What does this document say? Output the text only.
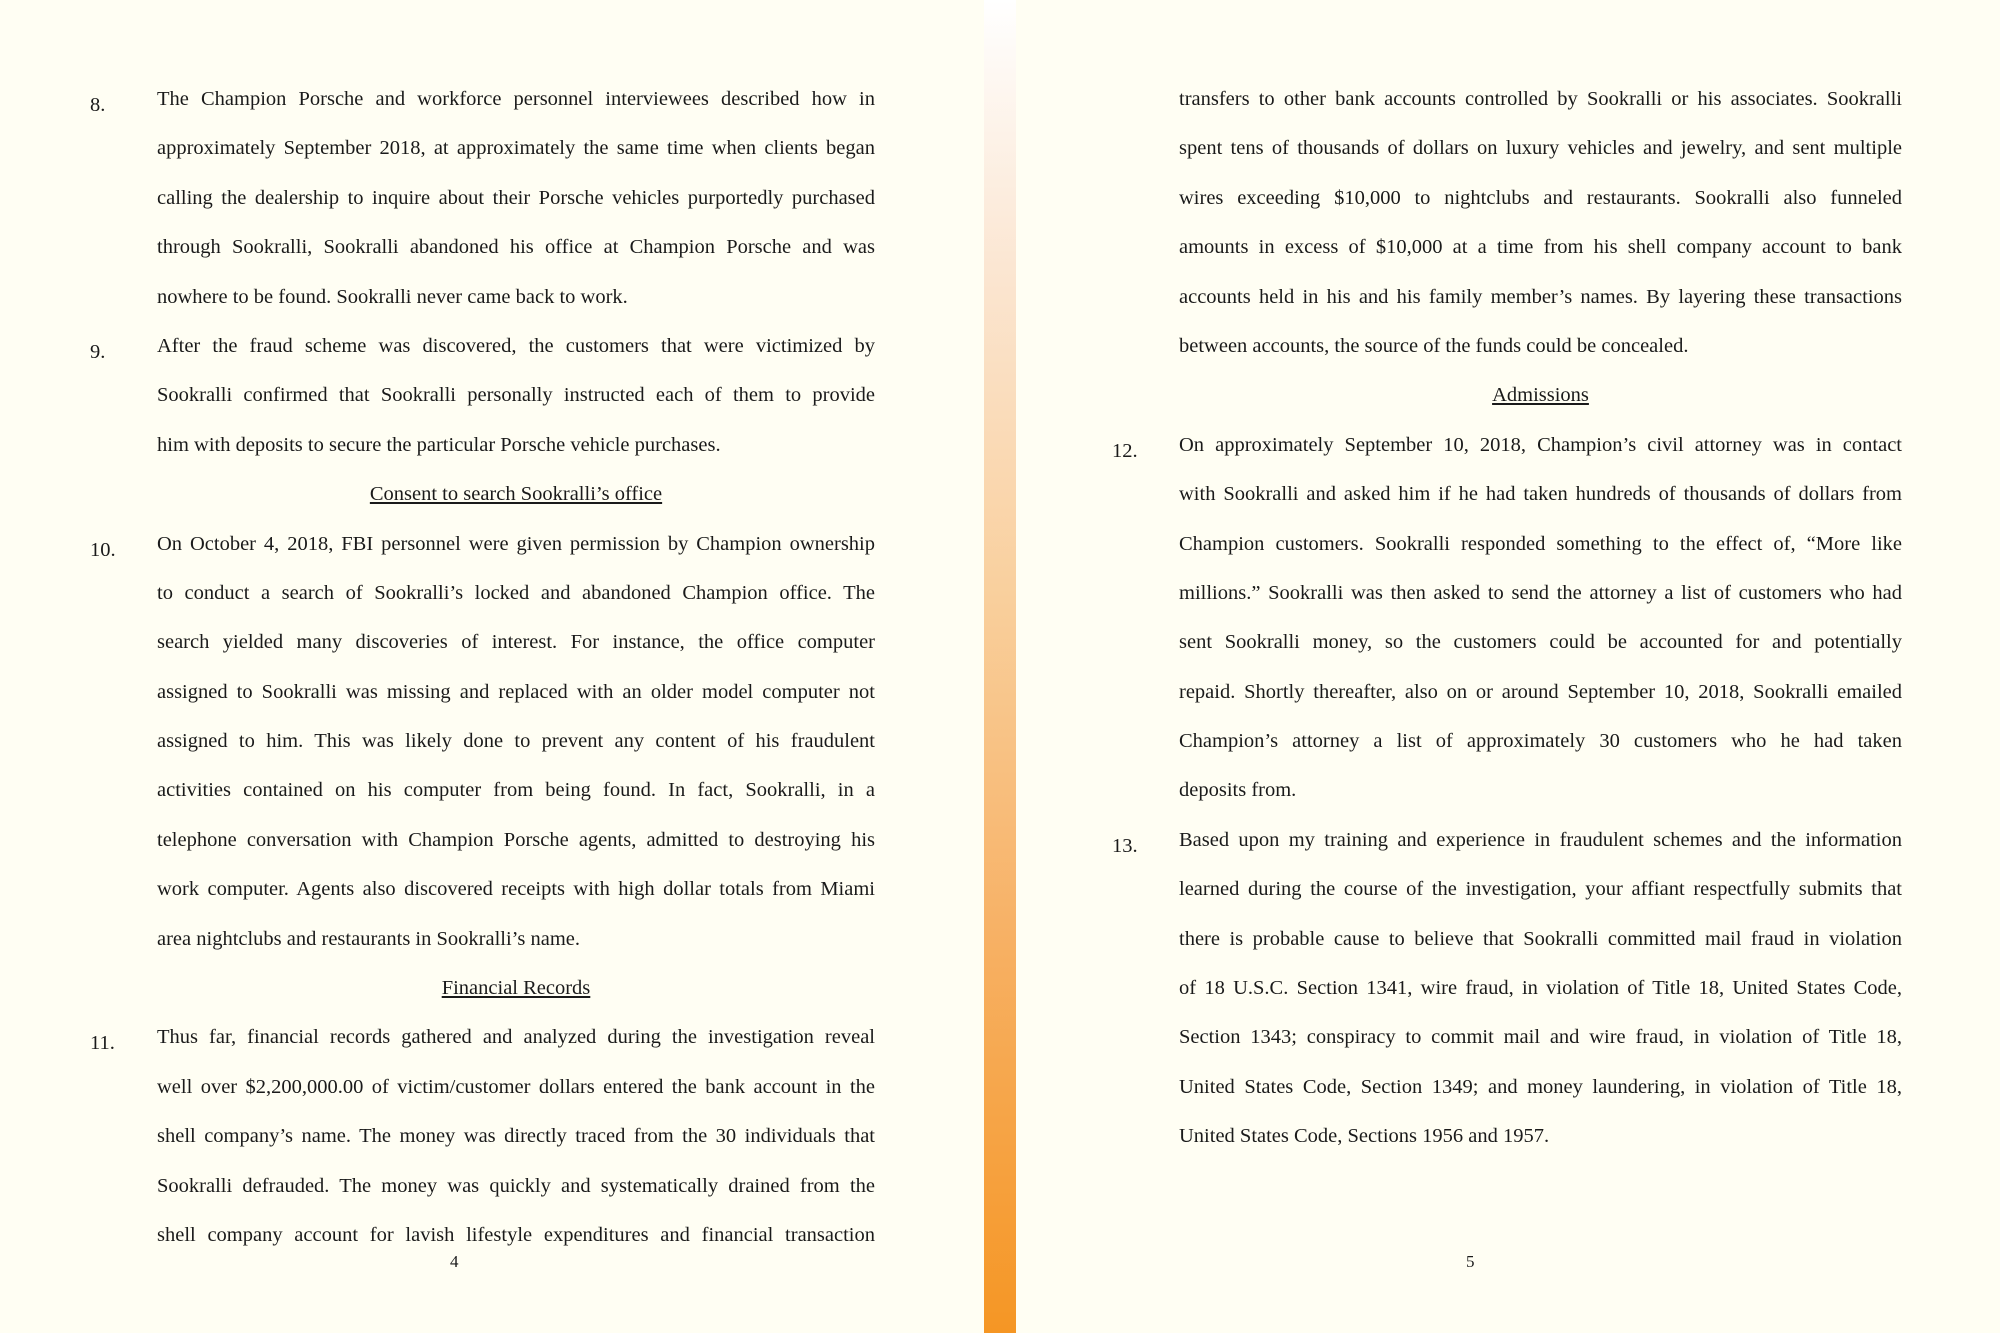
8.	The Champion Porsche and workforce personnel interviewees described how in
approximately September 2018, at approximately the same time when clients began
calling the dealership to inquire about their Porsche vehicles purportedly purchased
through Sookralli, Sookralli abandoned his office at Champion Porsche and was
nowhere to be found. Sookralli never came back to work.
9.	After the fraud scheme was discovered, the customers that were victimized by
Sookralli confirmed that Sookralli personally instructed each of them to provide
him with deposits to secure the particular Porsche vehicle purchases.
Consent to search Sookralli’s office
10. On October 4, 2018, FBI personnel were given permission by Champion ownership
to conduct a search of Sookralli’s locked and abandoned Champion office. The
search yielded many discoveries of interest. For instance, the office computer
assigned to Sookralli was missing and replaced with an older model computer not
assigned to him. This was likely done to prevent any content of his fraudulent
activities contained on his computer from being found. In fact, Sookralli, in a
telephone conversation with Champion Porsche agents, admitted to destroying his
work computer. Agents also discovered receipts with high dollar totals from Miami
area nightclubs and restaurants in Sookralli’s name.
Financial Records
11. Thus far, financial records gathered and analyzed during the investigation reveal
well over $2,200,000.00 of victim/customer dollars entered the bank account in the
shell company’s name. The money was directly traced from the 30 individuals that
Sookralli defrauded. The money was quickly and systematically drained from the
shell company account for lavish lifestyle expenditures and financial transaction
4
transfers to other bank accounts controlled by Sookralli or his associates. Sookralli
spent tens of thousands of dollars on luxury vehicles and jewelry, and sent multiple
wires exceeding $10,000 to nightclubs and restaurants. Sookralli also funneled
amounts in excess of $10,000 at a time from his shell company account to bank
accounts held in his and his family member’s names. By layering these transactions
between accounts, the source of the funds could be concealed.
Admissions
12. On approximately September 10, 2018, Champion’s civil attorney was in contact
with Sookralli and asked him if he had taken hundreds of thousands of dollars from
Champion customers. Sookralli responded something to the effect of, “More like
millions.” Sookralli was then asked to send the attorney a list of customers who had
sent Sookralli money, so the customers could be accounted for and potentially
repaid. Shortly thereafter, also on or around September 10, 2018, Sookralli emailed
Champion’s attorney a list of approximately 30 customers who he had taken
deposits from.
13. Based upon my training and experience in fraudulent schemes and the information
learned during the course of the investigation, your affiant respectfully submits that
there is probable cause to believe that Sookralli committed mail fraud in violation
of 18 U.S.C. Section 1341, wire fraud, in violation of Title 18, United States Code,
Section 1343; conspiracy to commit mail and wire fraud, in violation of Title 18,
United States Code, Section 1349; and money laundering, in violation of Title 18,
United States Code, Sections 1956 and 1957.
5
